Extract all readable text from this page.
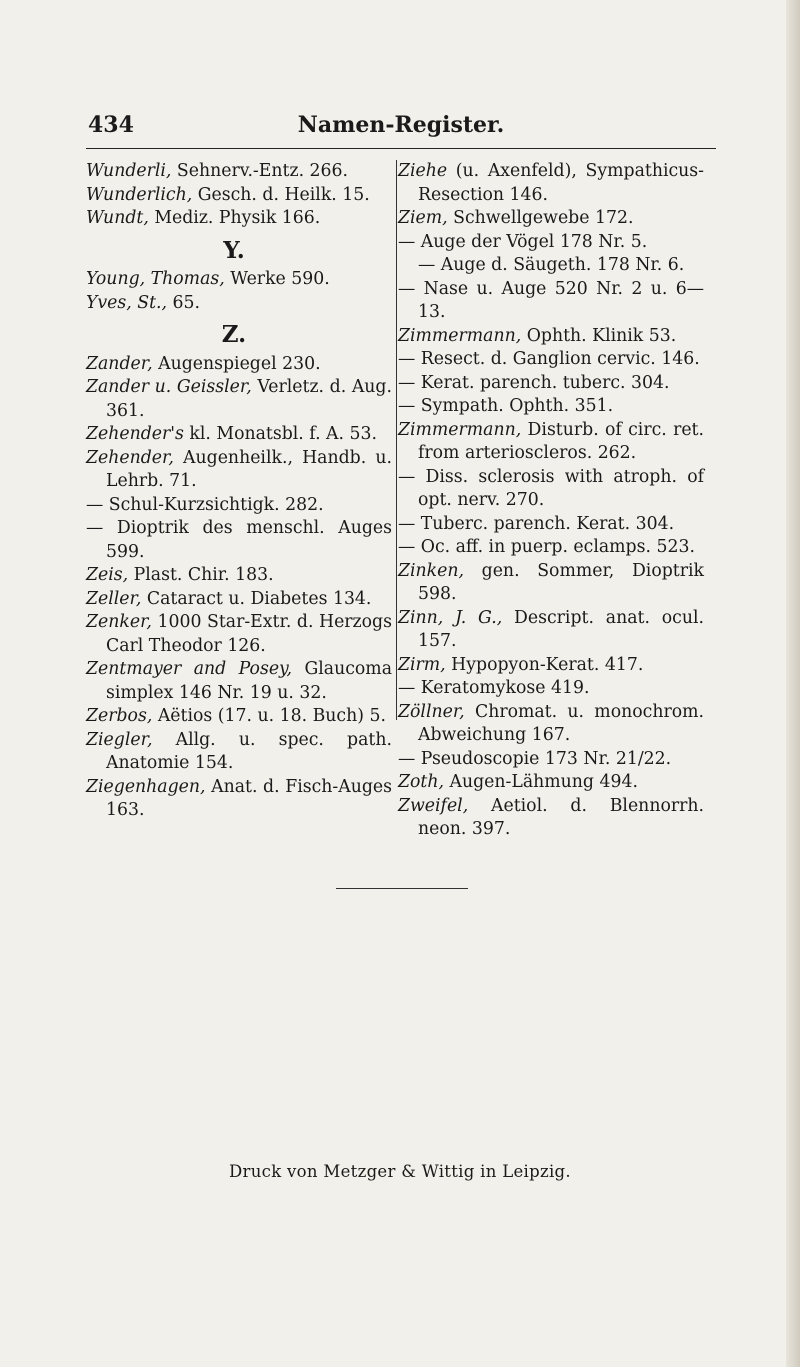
434	Namen-Register.
Wunderli, Sehnerv.-Entz. 266.
Wunderlich, Gesch. d. Heilk. 15.
Wundt, Mediz. Physik 166.
Y.
Young, Thomas, Werke 590.
Yves, St., 65.
Z.
Zander, Augenspiegel 230.
Zander u. Geissler, Verletz. d. Aug. 361.
Zehender's kl. Monatsbl. f. A. 53.
Zehender, Augenheilk., Handb. u. Lehrb. 71.
— Schul-Kurzsichtigk. 282.
— Dioptrik des menschl. Auges 599.
Zeis, Plast. Chir. 183.
Zeller, Cataract u. Diabetes 134.
Zenker, 1000 Star-Extr. d. Herzogs Carl Theodor 126.
Zentmayer and Posey, Glaucoma simplex 146 Nr. 19 u. 32.
Zerbos, Aëtios (17. u. 18. Buch) 5.
Ziegler, Allg. u. spec. path. Anatomie 154.
Ziegenhagen, Anat. d. Fisch-Auges 163.
Ziehe (u. Axenfeld), Sympathicus-Resection 146.
Ziem, Schwellgewebe 172.
— Auge der Vögel 178 Nr. 5.
— Auge d. Säugeth. 178 Nr. 6.
— Nase u. Auge 520 Nr. 2 u. 6—13.
Zimmermann, Ophth. Klinik 53.
— Resect. d. Ganglion cervic. 146.
— Kerat. parench. tuberc. 304.
— Sympath. Ophth. 351.
Zimmermann, Disturb. of circ. ret. from arterioscleros. 262.
— Diss. sclerosis with atroph. of opt. nerv. 270.
— Tuberc. parench. Kerat. 304.
— Oc. aff. in puerp. eclamps. 523.
Zinken, gen. Sommer, Dioptrik 598.
Zinn, J. G., Descript. anat. ocul. 157.
Zirm, Hypopyon-Kerat. 417.
— Keratomykose 419.
Zöllner, Chromat. u. monochrom. Abweichung 167.
— Pseudoscopie 173 Nr. 21/22.
Zoth, Augen-Lähmung 494.
Zweifel, Aetiol. d. Blennorrh. neon. 397.
Druck von Metzger & Wittig in Leipzig.
